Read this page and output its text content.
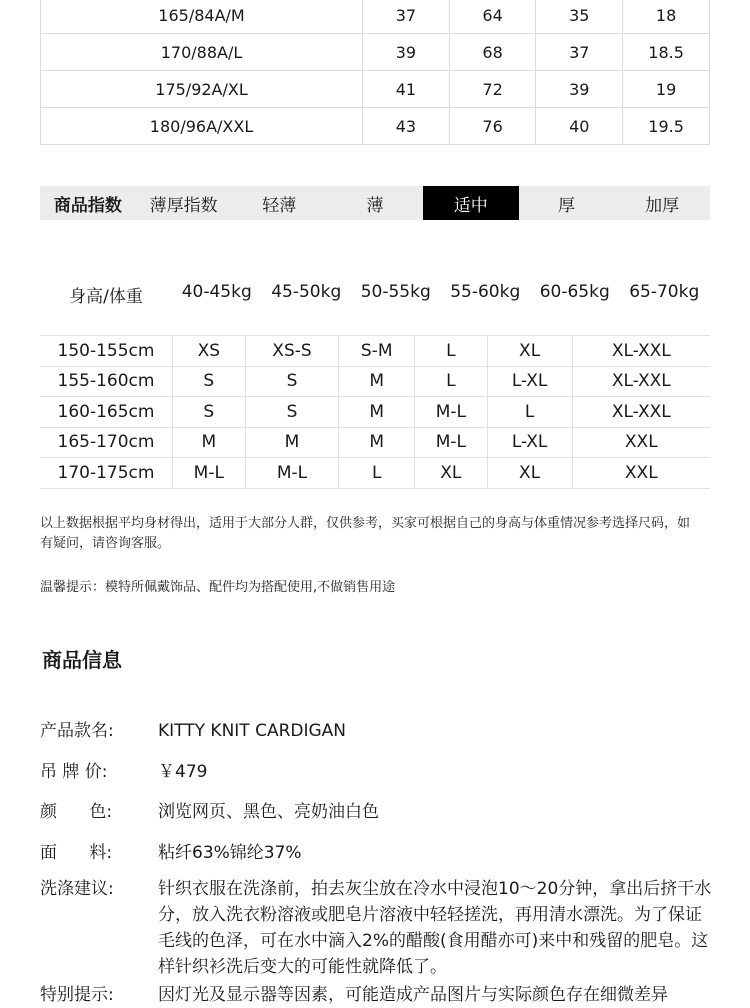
165/84A/M	37	64	35	18
170/88A/L	39	68	37	18.5
175/92A/XL	41	72	39	19
180/96A/XXL	43	76	40	19.5
商品指数	薄厚指数	轻薄	薄	适中	厚	加厚
身高/体重	40-45kg	45-50kg	50-55kg	55-60kg	60-65kg	65-70kg
150-155cm	XS	XS-S	S-M	L	XL	XL-XXL
155-160cm	S	S	M	L	L-XL	XL-XXL
160-165cm	S	S	M	M-L	L	XL-XXL
165-170cm	M	M	M	M-L	L-XL	XXL
170-175cm	M-L	M-L	L	XL	XL	XXL
以上数据根据平均身材得出，适用于大部分人群，仅供参考，买家可根据自己的身高与体重情况参考选择尺码，如有疑问，请咨询客服。
温馨提示：模特所佩戴饰品、配件均为搭配使用,不做销售用途
商品信息
产品款名:	KITTY KNIT CARDIGAN
吊 牌 价:	￥479
颜      色:	浏览网页、黑色、亮奶油白色
面      料:	粘纤63%锦纶37%
洗涤建议:	针织衣服在洗涤前，拍去灰尘放在冷水中浸泡10～20分钟，拿出后挤干水分，放入洗衣粉溶液或肥皂片溶液中轻轻搓洗，再用清水漂洗。为了保证毛线的色泽，可在水中滴入2%的醋酸(食用醋亦可)来中和残留的肥皂。这样针织衫洗后变大的可能性就降低了。
特别提示:	因灯光及显示器等因素，可能造成产品图片与实际颜色存在细微差异
